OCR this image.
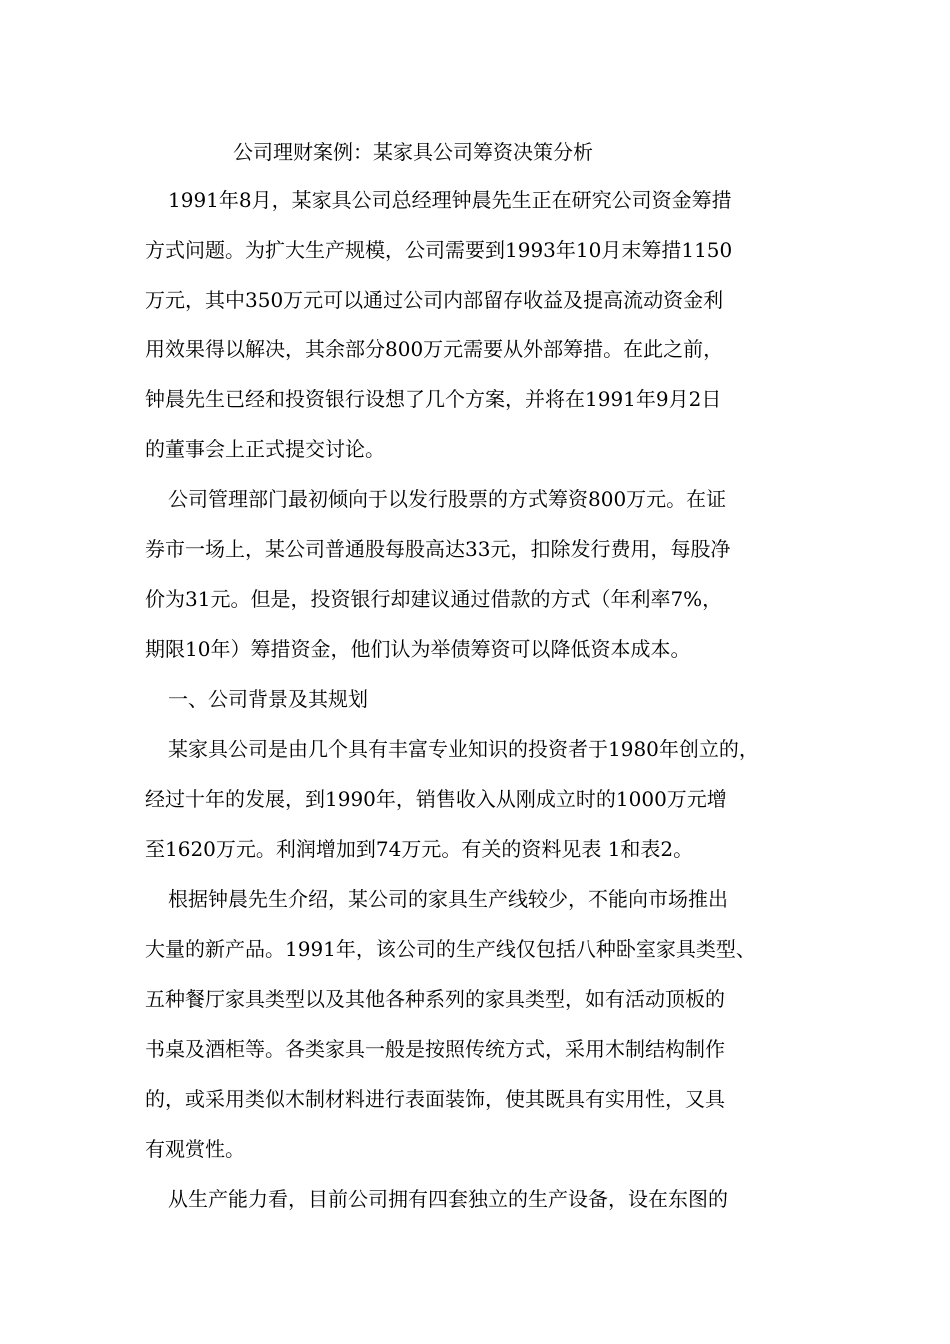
公司理财案例：某家具公司筹资决策分析
1991年8月，某家具公司总经理钟晨先生正在研究公司资金筹措
方式问题。为扩大生产规模，公司需要到1993年10月末筹措1150
万元，其中350万元可以通过公司内部留存收益及提高流动资金利
用效果得以解决，其余部分800万元需要从外部筹措。在此之前，
钟晨先生已经和投资银行设想了几个方案，并将在1991年9月2日
的董事会上正式提交讨论。
公司管理部门最初倾向于以发行股票的方式筹资800万元。在证
券市一场上，某公司普通股每股高达33元，扣除发行费用，每股净
价为31元。但是，投资银行却建议通过借款的方式（年利率7%，
期限10年）筹措资金，他们认为举债筹资可以降低资本成本。
一、公司背景及其规划
某家具公司是由几个具有丰富专业知识的投资者于1980年创立的，
经过十年的发展，到1990年，销售收入从刚成立时的1000万元增
至1620万元。利润增加到74万元。有关的资料见表 1和表2。
根据钟晨先生介绍，某公司的家具生产线较少，不能向市场推出
大量的新产品。1991年，该公司的生产线仅包括八种卧室家具类型、
五种餐厅家具类型以及其他各种系列的家具类型，如有活动顶板的
书桌及酒柜等。各类家具一般是按照传统方式，采用木制结构制作
的，或采用类似木制材料进行表面装饰，使其既具有实用性，又具
有观赏性。
从生产能力看，目前公司拥有四套独立的生产设备，设在东图的
